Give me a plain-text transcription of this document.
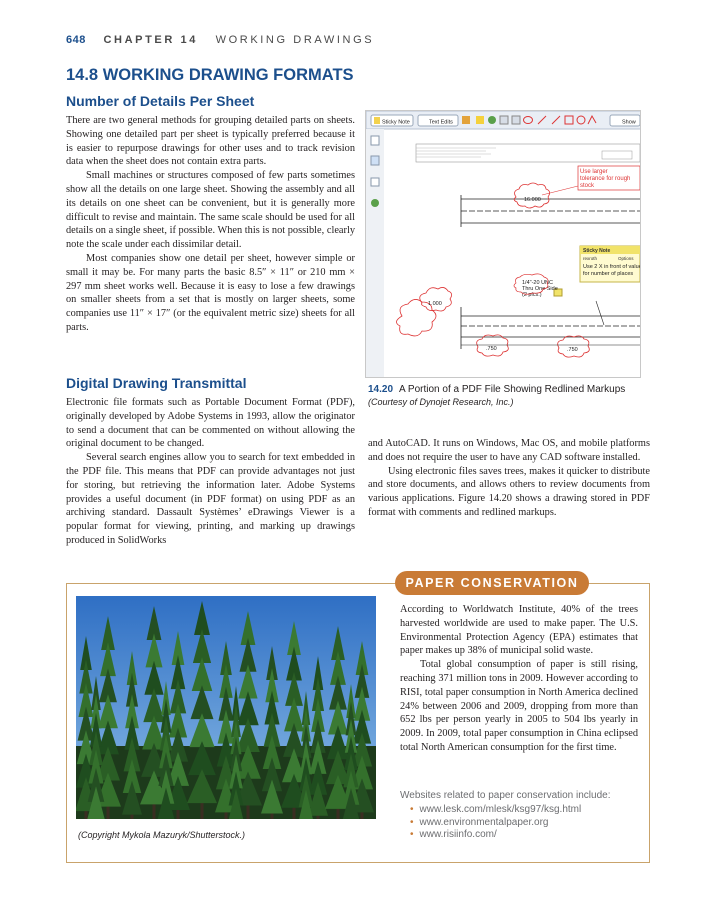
648 CHAPTER 14 WORKING DRAWINGS
14.8 WORKING DRAWING FORMATS
Number of Details Per Sheet

There are two general methods for grouping detailed parts on sheets. Showing one detailed part per sheet is typically preferred because it is easier to repurpose drawings for other uses and to track revision data when the sheet does not contain extra parts.

Small machines or structures composed of few parts sometimes show all the details on one large sheet. Showing the assembly and all its details on one sheet can be convenient, but it is generally more difficult to revise and maintain. The same scale should be used for all details on a single sheet, if possible. When this is not possible, clearly note the scale under each dissimilar detail.

Most companies show one detail per sheet, however simple or small it may be. For many parts the basic 8.5″ × 11″ or 210 mm × 297 mm sheet works well. Because it is easy to lose a few drawings on smaller sheets from a set that is mostly on larger sheets, some companies use 11″ × 17″ (or the equivalent metric size) sheets for all parts.

Digital Drawing Transmittal

Electronic file formats such as Portable Document Format (PDF), originally developed by Adobe Systems in 1993, allow the originator to send a document that can be commented on without allowing the original document to be changed.

Several search engines allow you to search for text embedded in the PDF file. This means that PDF can provide advantages not just for storing, but retrieving the information later. Adobe Systems provides a useful document (in PDF format) on using PDF as an archiving standard. Dassault Systèmes’ eDrawings Viewer is a popular format for viewing, printing, and marking up drawings produced in SolidWorks

and AutoCAD. It runs on Windows, Mac OS, and mobile platforms and does not require the user to have any CAD software installed.

Using electronic files saves trees, makes it quicker to distribute and store documents, and allows others to review documents from various applications. Figure 14.20 shows a drawing stored in PDF format with comments and redlined markups.

Sticky Note	Text Edits	Show
16.000
Use larger tolerance for rough stock
Sticky Note
rexroth	Options
Use 2 X in front of value for number of places
1/4"-20 UNC Thru One Side (2 plcs.)
1.000
.750	.750
14.20 A Portion of a PDF File Showing Redlined Markups (Courtesy of Dynojet Research, Inc.)
PAPER CONSERVATION
(Copyright Mykola Mazuryk/Shutterstock.)

According to Worldwatch Institute, 40% of the trees harvested worldwide are used to make paper. The U.S. Environmental Protection Agency (EPA) estimates that paper makes up 38% of municipal solid waste.

Total global consumption of paper is still rising, reaching 371 million tons in 2009. However according to RISI, total paper consumption in North America declined 24% between 2006 and 2009, dropping from more than 652 lbs per person yearly in 2005 to 504 lbs yearly in 2009. In 2009, total paper consumption in China eclipsed total North American consumption for the first time.

Websites related to paper conservation include:
• www.lesk.com/mlesk/ksg97/ksg.html
• www.environmentalpaper.org
• www.risiinfo.com/
